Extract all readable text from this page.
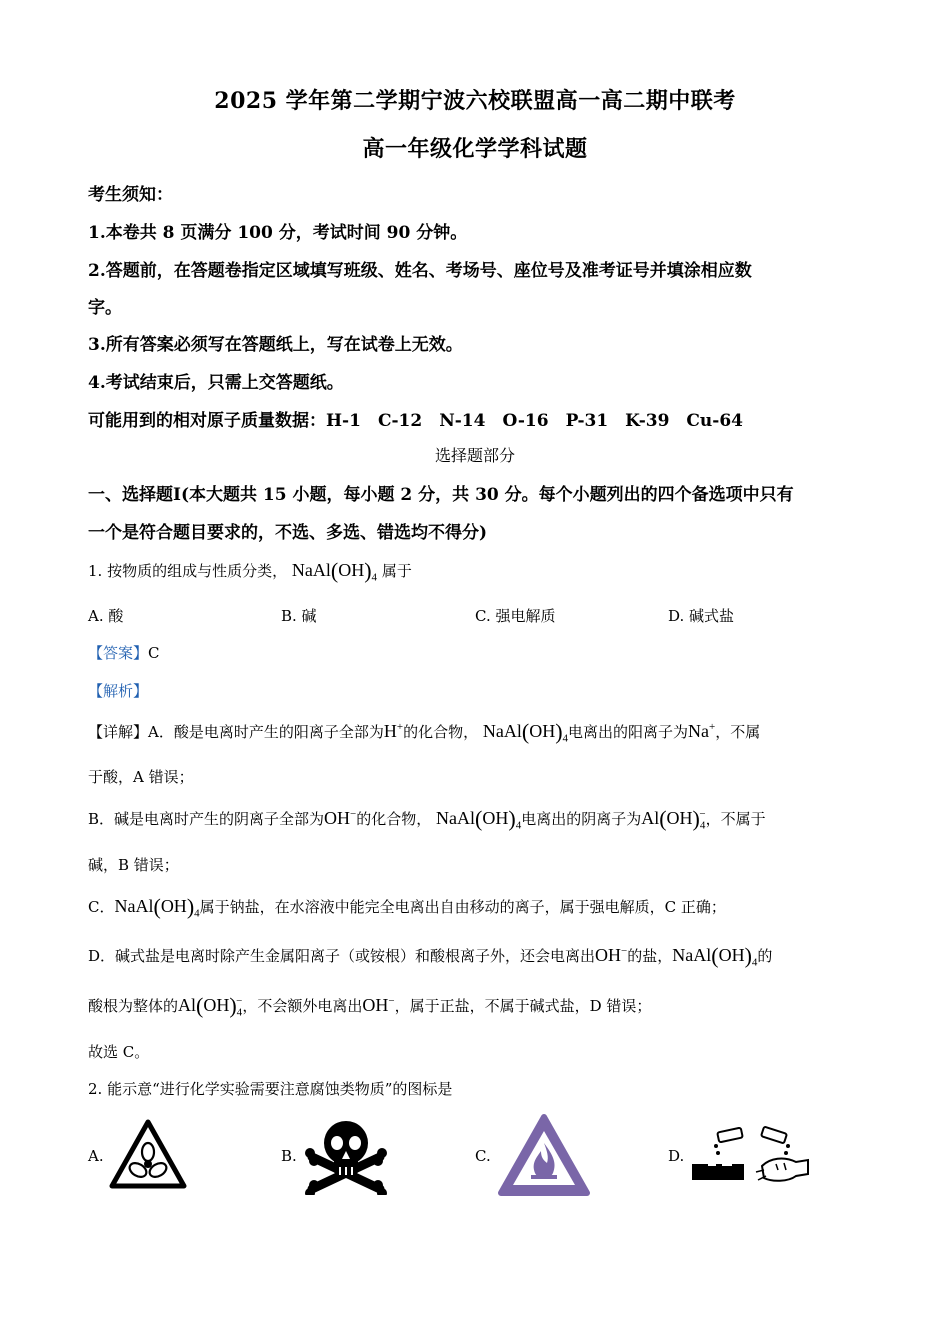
2025 学年第二学期宁波六校联盟高一高二期中联考
高一年级化学学科试题
考生须知：
1.本卷共 8 页满分 100 分，考试时间 90 分钟。
2.答题前，在答题卷指定区域填写班级、姓名、考场号、座位号及准考证号并填涂相应数
字。
3.所有答案必须写在答题纸上，写在试卷上无效。
4.考试结束后，只需上交答题纸。
可能用到的相对原子质量数据：H-1　C-12　N-14　O-16　P-31　K-39　Cu-64
选择题部分
一、选择题Ⅰ(本大题共 15 小题，每小题 2 分，共 30 分。每个小题列出的四个备选项中只有
一个是符合题目要求的，不选、多选、错选均不得分)
1. 按物质的组成与性质分类， $NaAl(OH)_4$ 属于
A. 酸	B. 碱	C. 强电解质	D. 碱式盐
【答案】C
【解析】
【详解】A．酸是电离时产生的阳离子全部为H+的化合物， $NaAl(OH)_4$电离出的阳离子为Na+，不属
于酸，A 错误；
B．碱是电离时产生的阴离子全部为OH−的化合物， $NaAl(OH)_4$电离出的阴离子为$Al(OH)_4^-$，不属于
碱，B 错误；
C．$NaAl(OH)_4$属于钠盐，在水溶液中能完全电离出自由移动的离子，属于强电解质，C 正确；
D．碱式盐是电离时除产生金属阳离子（或铵根）和酸根离子外，还会电离出OH−的盐，$NaAl(OH)_4$的
酸根为整体的$Al(OH)_4^-$，不会额外电离出OH−，属于正盐，不属于碱式盐，D 错误；
故选 C。
2. 能示意“进行化学实验需要注意腐蚀类物质”的图标是
A.	B.	C.	D.
